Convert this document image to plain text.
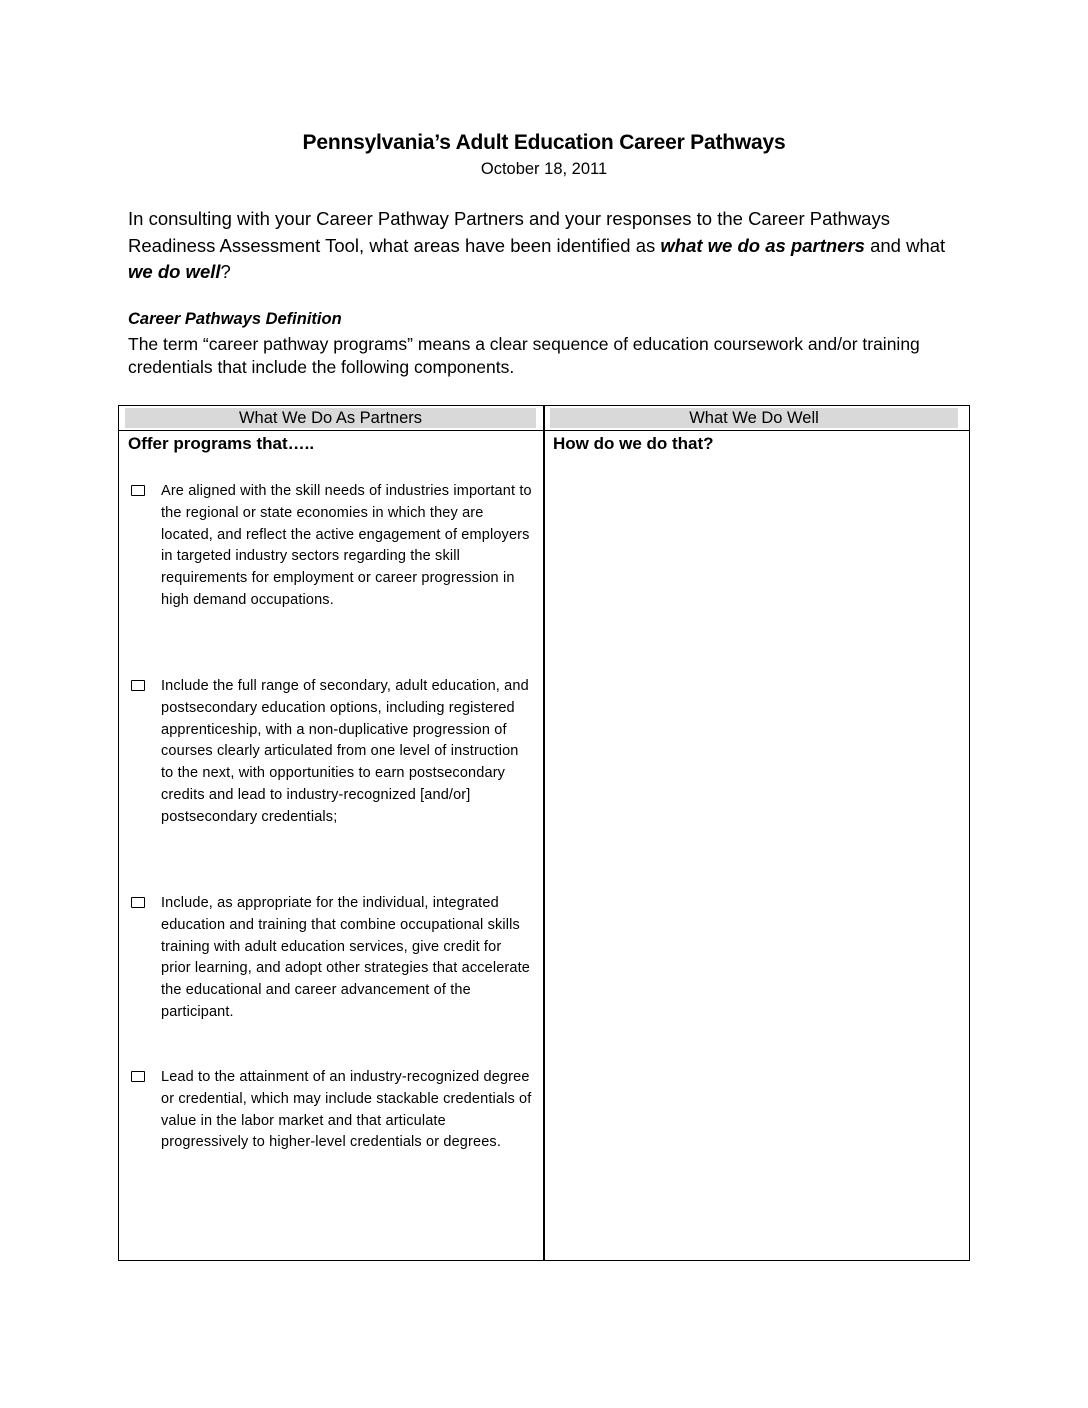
Pennsylvania’s Adult Education Career Pathways
October 18, 2011
In consulting with your Career Pathway Partners and your responses to the Career Pathways Readiness Assessment Tool, what areas have been identified as what we do as partners and what we do well?
Career Pathways Definition
The term “career pathway programs” means a clear sequence of education coursework and/or training credentials that include the following components.
What We Do As Partners	What We Do Well
Offer programs that…..	How do we do that?
Are aligned with the skill needs of industries important to the regional or state economies in which they are located, and reflect the active engagement of employers in targeted industry sectors regarding the skill requirements for employment or career progression in high demand occupations.
Include the full range of secondary, adult education, and postsecondary education options, including registered apprenticeship, with a non-duplicative progression of courses clearly articulated from one level of instruction to the next, with opportunities to earn postsecondary credits and lead to industry-recognized [and/or] postsecondary credentials;
Include, as appropriate for the individual, integrated education and training that combine occupational skills training with adult education services, give credit for prior learning, and adopt other strategies that accelerate the educational and career advancement of the participant.
Lead to the attainment of an industry-recognized degree or credential, which may include stackable credentials of value in the labor market and that articulate progressively to higher-level credentials or degrees.
